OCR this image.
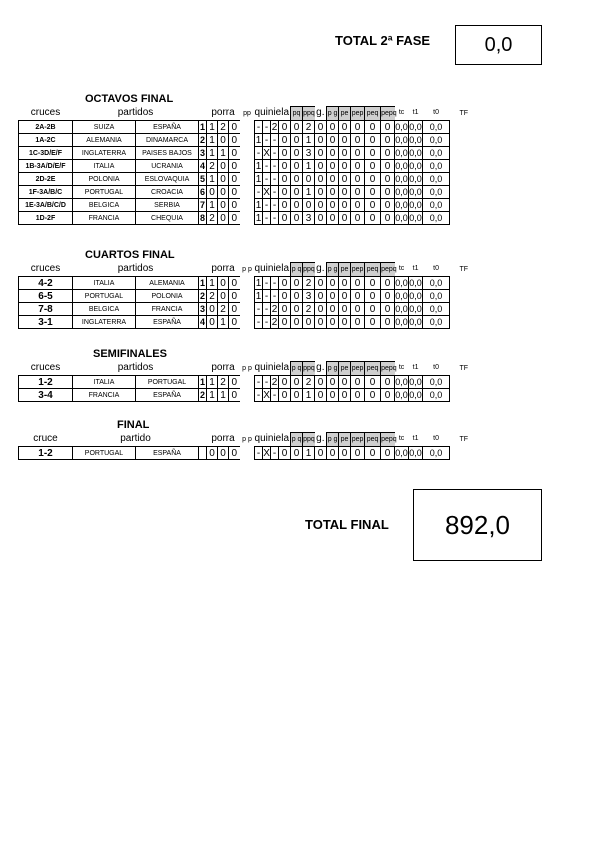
TOTAL 2ª FASE	0,0
OCTAVOS FINAL
cruces	partidos			porra			pp	quiniela				pq	ppq	g.	p g	pe	pep	peq	pepq	tc	t1	t0	TF
2A-2B	SUIZA	ESPAÑA	1	1	2	0		-	-	2	0	0	2	0	0	0	0	0	0	0,0	0,0	0,0	
1A-2C	ALEMANIA	DINAMARCA	2	1	0	0		1	-	-	0	0	1	0	0	0	0	0	0	0,0	0,0	0,0	
1C-3D/E/F	INGLATERRA	PAISES BAJOS	3	1	1	0		-	X	-	0	0	3	0	0	0	0	0	0	0,0	0,0	0,0	
1B-3A/D/E/F	ITALIA	UCRANIA	4	2	0	0		1	-	-	0	0	1	0	0	0	0	0	0	0,0	0,0	0,0	
2D-2E	POLONIA	ESLOVAQUIA	5	1	0	0		1	-	-	0	0	0	0	0	0	0	0	0	0,0	0,0	0,0	
1F-3A/B/C	PORTUGAL	CROACIA	6	0	0	0		-	X	-	0	0	1	0	0	0	0	0	0	0,0	0,0	0,0	
1E-3A/B/C/D	BELGICA	SERBIA	7	1	0	0		1	-	-	0	0	0	0	0	0	0	0	0	0,0	0,0	0,0	
1D-2F	FRANCIA	CHEQUIA	8	2	0	0		1	-	-	0	0	3	0	0	0	0	0	0	0,0	0,0	0,0	
CUARTOS FINAL
cruces	partidos			porra			p p	quiniela				p q	ppq	g.	p g	pe	pep	peq	pepq	tc	t1	t0	TF
4-2	ITALIA	ALEMANIA	1	1	0	0		1	-	-	0	0	2	0	0	0	0	0	0	0,0	0,0	0,0	
6-5	PORTUGAL	POLONIA	2	2	0	0		1	-	-	0	0	3	0	0	0	0	0	0	0,0	0,0	0,0	
7-8	BELGICA	FRANCIA	3	0	2	0		-	-	2	0	0	2	0	0	0	0	0	0	0,0	0,0	0,0	
3-1	INGLATERRA	ESPAÑA	4	0	1	0		-	-	2	0	0	0	0	0	0	0	0	0	0,0	0,0	0,0	
SEMIFINALES
cruces	partidos			porra			p p	quiniela				p q	ppq	g.	p g	pe	pep	peq	pepq	tc	t1	t0	TF
1-2	ITALIA	PORTUGAL	1	1	2	0		-	-	2	0	0	2	0	0	0	0	0	0	0,0	0,0	0,0	
3-4	FRANCIA	ESPAÑA	2	1	1	0		-	X	-	0	0	1	0	0	0	0	0	0	0,0	0,0	0,0	
FINAL
cruce	partido			porra			p p	quiniela				p q	ppq	g.	p g	pe	pep	peq	pepq	tc	t1	t0	TF
1-2	PORTUGAL	ESPAÑA		0	0	0		-	X	-	0	0	1	0	0	0	0	0	0	0,0	0,0	0,0	
TOTAL FINAL	892,0
